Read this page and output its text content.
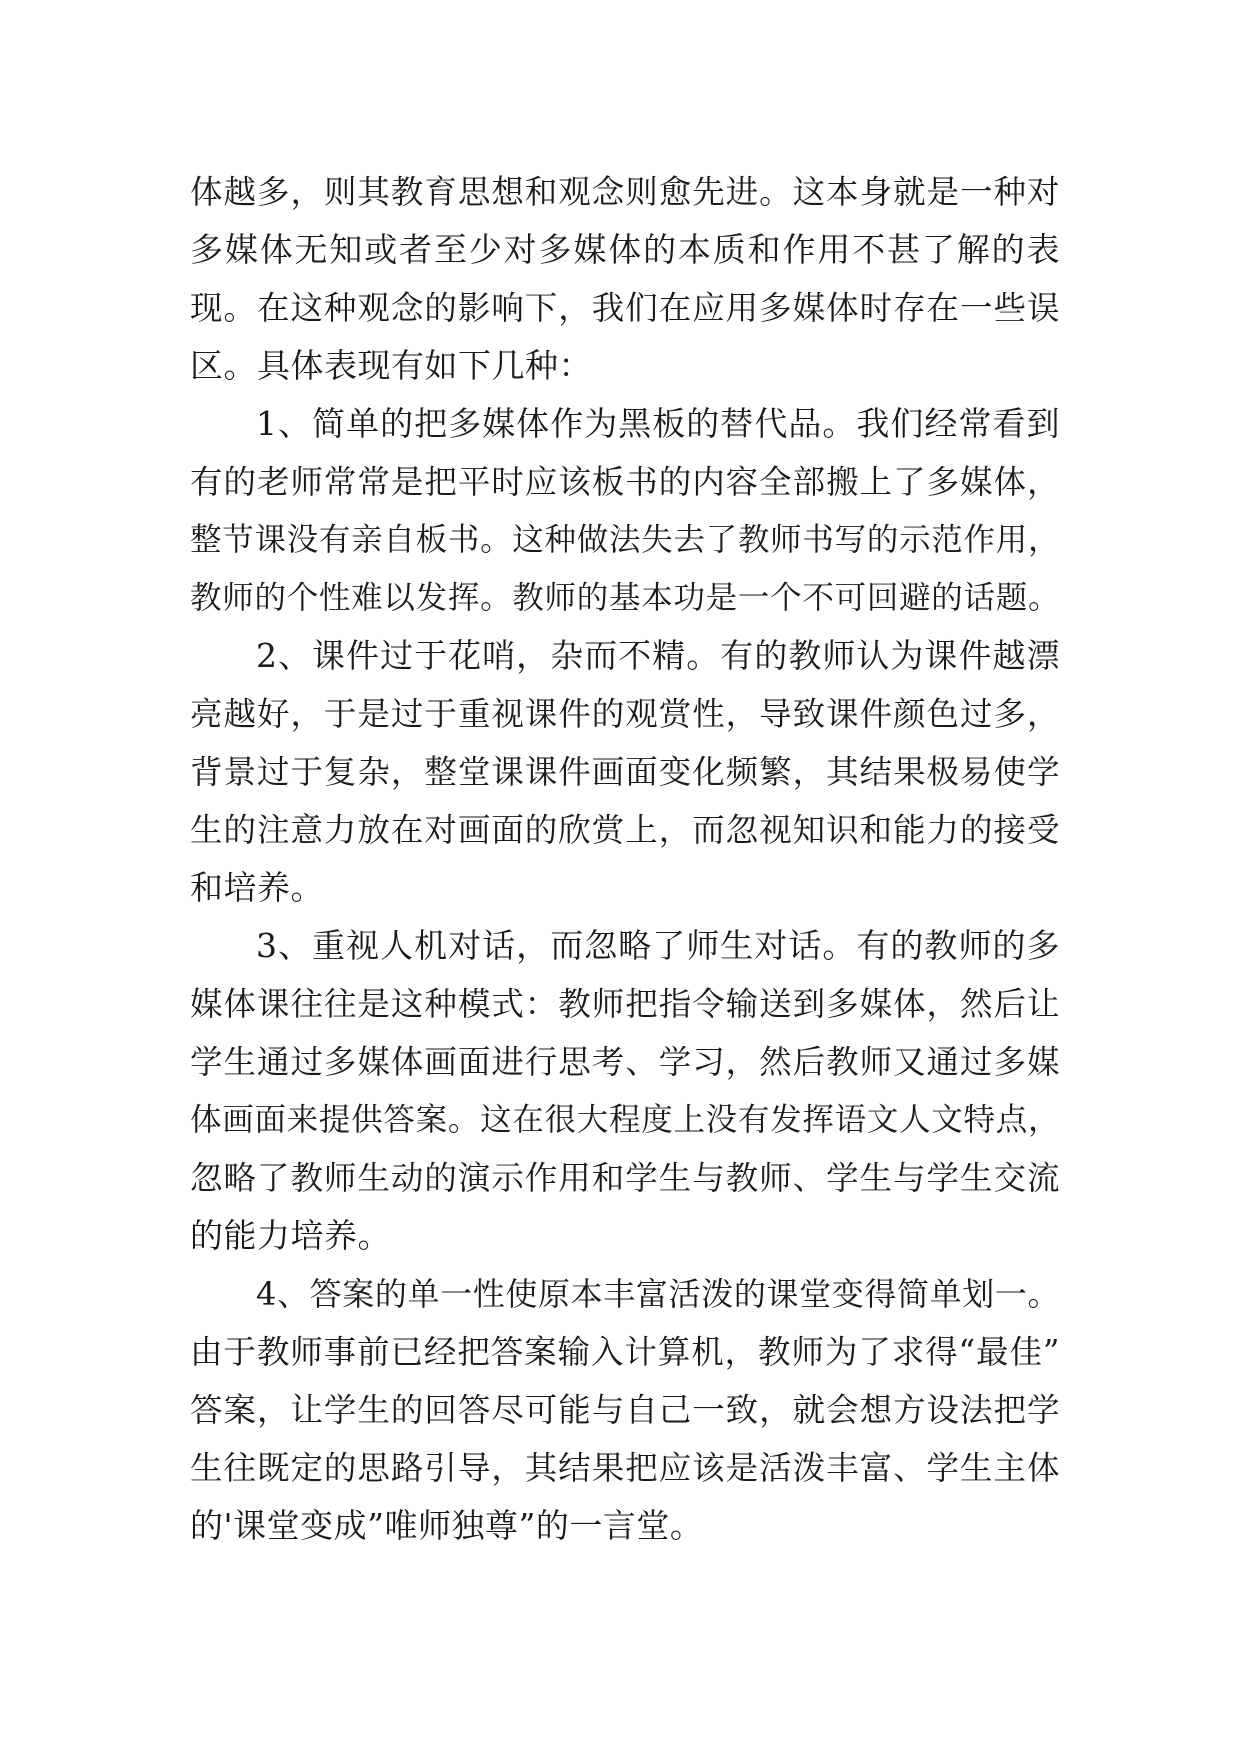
体越多，则其教育思想和观念则愈先进。这本身就是一种对
多媒体无知或者至少对多媒体的本质和作用不甚了解的表
现。在这种观念的影响下，我们在应用多媒体时存在一些误
区。具体表现有如下几种：
1、简单的把多媒体作为黑板的替代品。我们经常看到
有的老师常常是把平时应该板书的内容全部搬上了多媒体，
整节课没有亲自板书。这种做法失去了教师书写的示范作用，
教师的个性难以发挥。教师的基本功是一个不可回避的话题。
2、课件过于花哨，杂而不精。有的教师认为课件越漂
亮越好，于是过于重视课件的观赏性，导致课件颜色过多，
背景过于复杂，整堂课课件画面变化频繁，其结果极易使学
生的注意力放在对画面的欣赏上，而忽视知识和能力的接受
和培养。
3、重视人机对话，而忽略了师生对话。有的教师的多
媒体课往往是这种模式：教师把指令输送到多媒体，然后让
学生通过多媒体画面进行思考、学习，然后教师又通过多媒
体画面来提供答案。这在很大程度上没有发挥语文人文特点，
忽略了教师生动的演示作用和学生与教师、学生与学生交流
的能力培养。
4、答案的单一性使原本丰富活泼的课堂变得简单划一。
由于教师事前已经把答案输入计算机，教师为了求得“最佳”
答案，让学生的回答尽可能与自己一致，就会想方设法把学
生往既定的思路引导，其结果把应该是活泼丰富、学生主体
的'课堂变成”唯师独尊”的一言堂。
